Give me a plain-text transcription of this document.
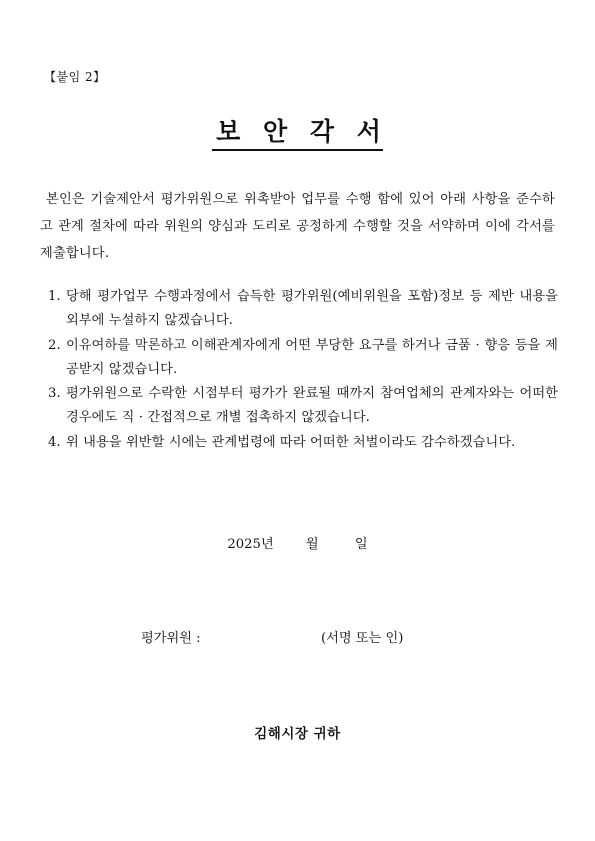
【붙임 2】
보 안 각 서

본인은 기술제안서 평가위원으로 위촉받아 업무를 수행 함에 있어 아래 사항을 준수하고 관계 절차에 따라 위원의 양심과 도리로 공정하게 수행할 것을 서약하며 이에 각서를 제출합니다.

1. 당해 평가업무 수행과정에서 습득한 평가위원(예비위원을 포함)정보 등 제반 내용을 외부에 누설하지 않겠습니다.
2. 이유여하를 막론하고 이해관계자에게 어떤 부당한 요구를 하거나 금품 · 향응 등을 제공받지 않겠습니다.
3. 평가위원으로 수락한 시점부터 평가가 완료될 때까지 참여업체의 관계자와는 어떠한 경우에도 직 · 간접적으로 개별 접촉하지 않겠습니다.
4. 위 내용을 위반할 시에는 관계법령에 따라 어떠한 처벌이라도 감수하겠습니다.
2025년 월	일
평가위원 :	(서명 또는 인)
김해시장 귀하
